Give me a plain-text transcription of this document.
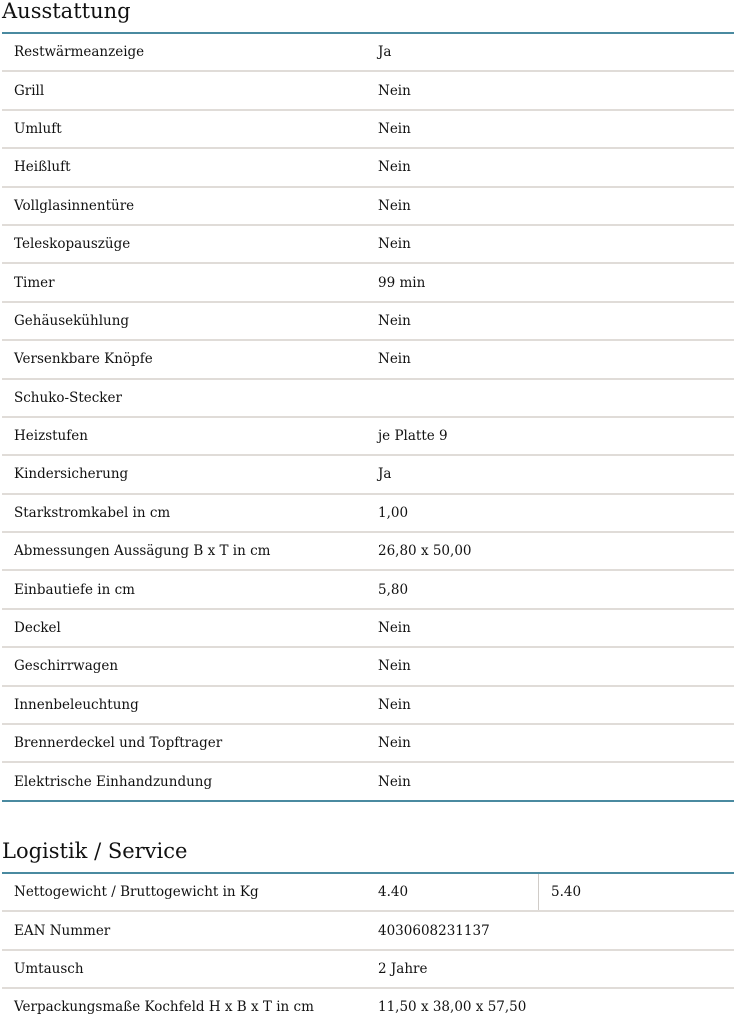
Ausstattung
Restwärmeanzeige	Ja
Grill	Nein
Umluft	Nein
Heißluft	Nein
Vollglasinnentüre	Nein
Teleskopauszüge	Nein
Timer	99 min
Gehäusekühlung	Nein
Versenkbare Knöpfe	Nein
Schuko-Stecker	
Heizstufen	je Platte 9
Kindersicherung	Ja
Starkstromkabel in cm	1,00
Abmessungen Aussägung B x T in cm	26,80 x 50,00
Einbautiefe in cm	5,80
Deckel	Nein
Geschirrwagen	Nein
Innenbeleuchtung	Nein
Brennerdeckel und Topftrager	Nein
Elektrische Einhandzundung	Nein
Logistik / Service
Nettogewicht / Bruttogewicht in Kg	4.40	5.40
EAN Nummer	4030608231137	
Umtausch	2 Jahre	
Verpackungsmaße Kochfeld H x B x T in cm	11,50 x 38,00 x 57,50	
